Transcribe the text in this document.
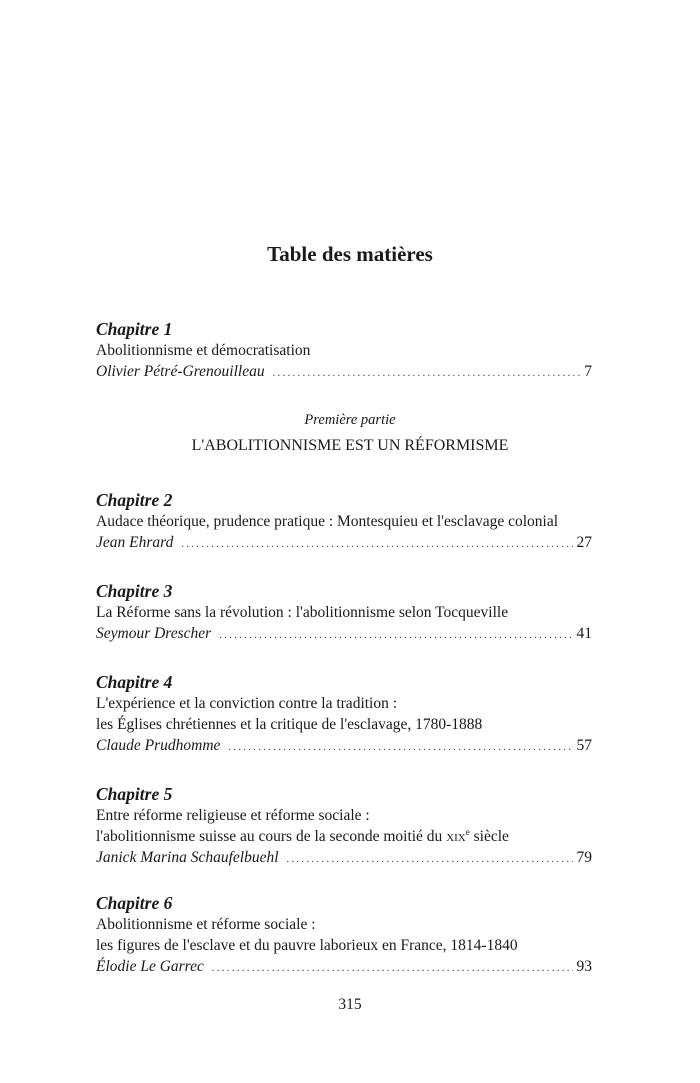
Table des matières
Chapitre 1
Abolitionnisme et démocratisation
Olivier Pétré-Grenouilleau . . .	7
Première partie
L'ABOLITIONNISME EST UN RÉFORMISME
Chapitre 2
Audace théorique, prudence pratique : Montesquieu et l'esclavage colonial
Jean Ehrard . . .	27
Chapitre 3
La Réforme sans la révolution : l'abolitionnisme selon Tocqueville
Seymour Drescher . . .	41
Chapitre 4
L'expérience et la conviction contre la tradition :
les Églises chrétiennes et la critique de l'esclavage, 1780-1888
Claude Prudhomme . . .	57
Chapitre 5
Entre réforme religieuse et réforme sociale :
l'abolitionnisme suisse au cours de la seconde moitié du xix$^e$ siècle
Janick Marina Schaufelbuehl . . .	79
Chapitre 6
Abolitionnisme et réforme sociale :
les figures de l'esclave et du pauvre laborieux en France, 1814-1840
Élodie Le Garrec . . .	93
315
